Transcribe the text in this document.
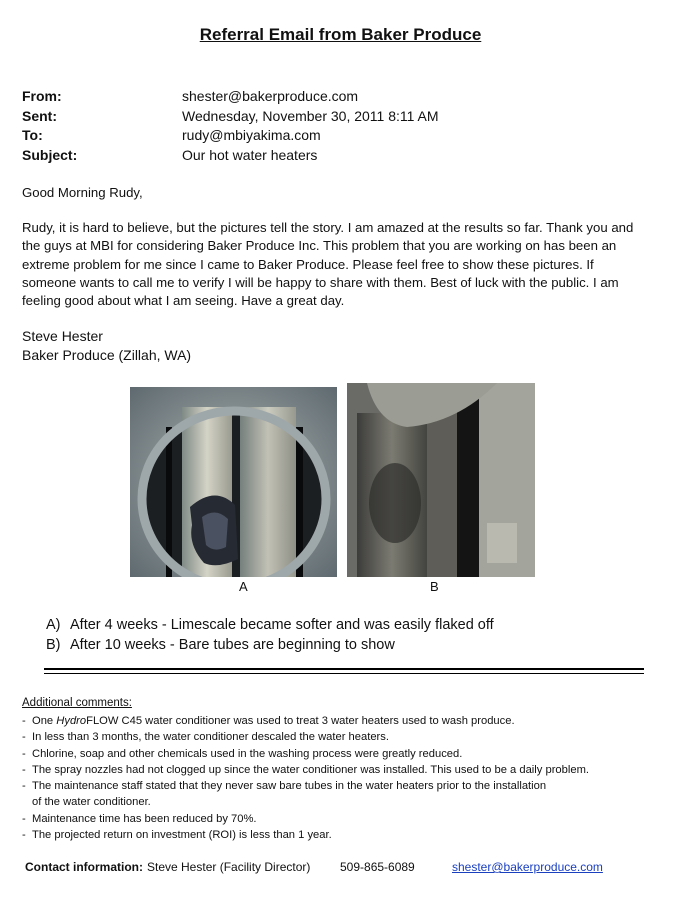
Referral Email from Baker Produce
From:	shester@bakerproduce.com
Sent:	Wednesday, November 30, 2011 8:11 AM
To:	rudy@mbiyakima.com
Subject:	Our hot water heaters
Good Morning Rudy,
Rudy, it is hard to believe, but the pictures tell the story. I am amazed at the results so far. Thank you and the guys at MBI for considering Baker Produce Inc. This problem that you are working on has been an extreme problem for me since I came to Baker Produce. Please feel free to show these pictures. If someone wants to call me to verify I will be happy to share with them. Best of luck with the public. I am feeling good about what I am seeing. Have a great day.
Steve Hester
Baker Produce (Zillah, WA)
A	B
A) After 4 weeks - Limescale became softer and was easily flaked off
B) After 10 weeks - Bare tubes are beginning to show
Additional comments:
- One HydroFLOW C45 water conditioner was used to treat 3 water heaters used to wash produce.
- In less than 3 months, the water conditioner descaled the water heaters.
- Chlorine, soap and other chemicals used in the washing process were greatly reduced.
- The spray nozzles had not clogged up since the water conditioner was installed. This used to be a daily problem.
- The maintenance staff stated that they never saw bare tubes in the water heaters prior to the installation of the water conditioner.
- Maintenance time has been reduced by 70%.
- The projected return on investment (ROI) is less than 1 year.
Contact information: Steve Hester (Facility Director) 509-865-6089	shester@bakerproduce.com
